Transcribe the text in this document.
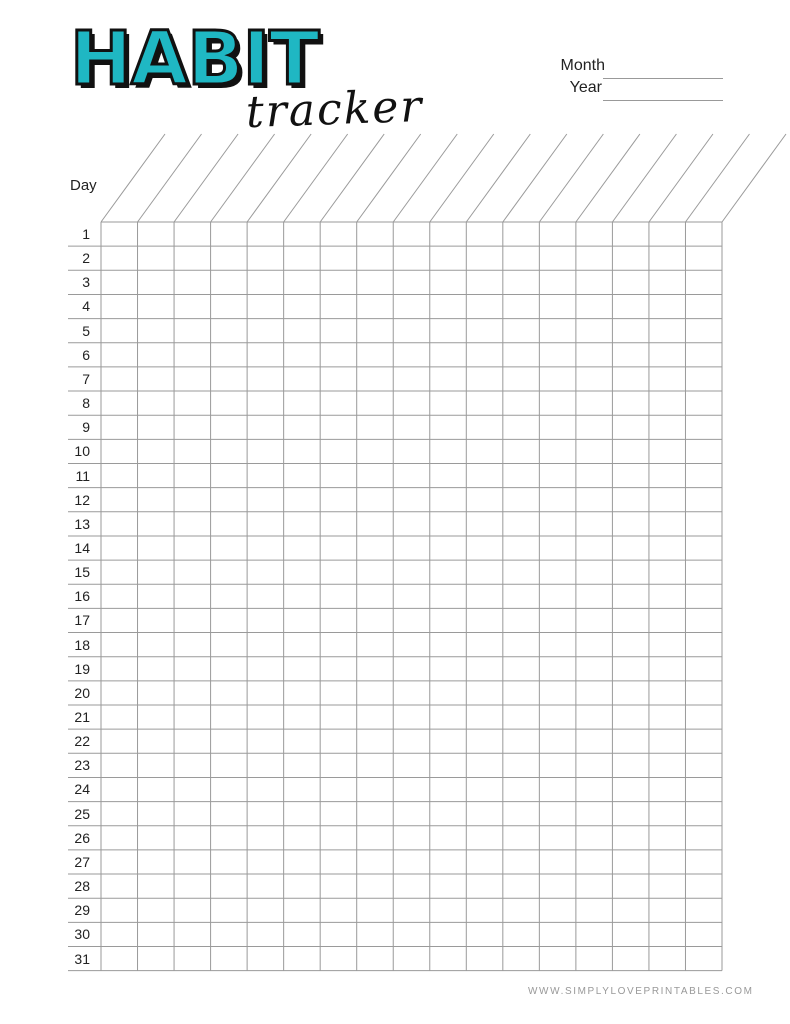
HABIT
tracker
Month
Year
Day
1
2
3
4
5
6
7
8
9
10
11
12
13
14
15
16
17
18
19
20
21
22
23
24
25
26
27
28
29
30
31
WWW.SIMPLYLOVEPRINTABLES.COM
